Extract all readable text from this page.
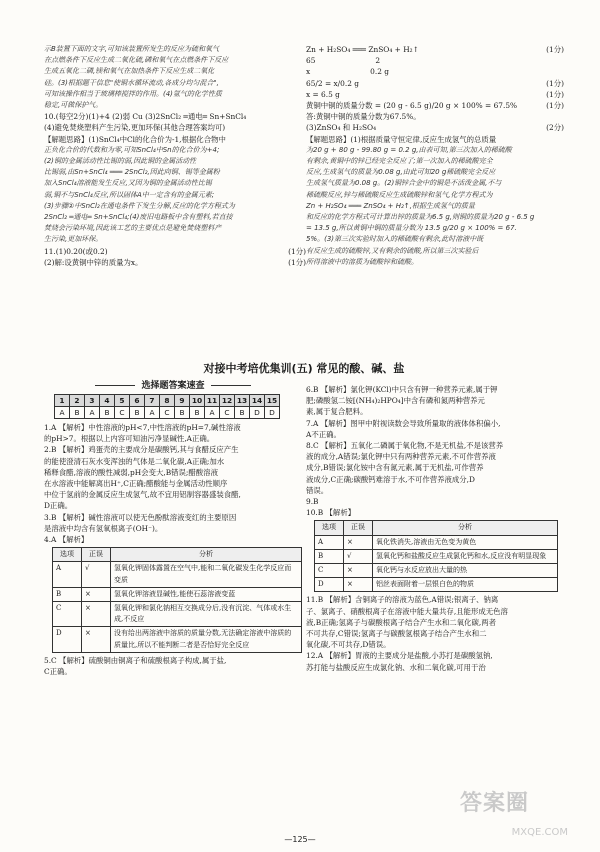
示B装置下面的文字,可知该装置所发生的反应为硫和氧气

在点燃条件下反应生成二氧化硫,磷和氧气在点燃条件下反应

生成五氧化二磷,镁和氧气在加热条件下反应生成二氧化

硅。(3)根据题干信息"使铜水循环流动,各成分均匀混合",

可知该操作相当于玻璃棒搅拌的作用。(4)氩气的化学性质

稳定,可做保护气。

10.(每空2分)(1)+4 (2)弱 Cu (3)2SnCl₂ ═通电═ Sn+SnCl₄

(4)避免焚烧塑料产生污染,更加环保(其他合理答案均可)

【解题思路】(1)SnCl₄中Cl的化合价为-1,根据化合物中

正负化合价的代数和为零,可知SnCl₄中Sn的化合价为+4;

(2)铜的金属活动性比锡的弱,因此铜的金属活动性

比锡弱,由Sn+SnCl₄ ═══ 2SnCl₂,因此向铜、锡等金属粉

加入SnCl₄溶液能发生反应,又因为铜的金属活动性比锡

弱,铜不与SnCl₄反应,所以固体A中一定含有的金属元素;

(3)步骤②中SnCl₂在通电条件下发生分解,反应的化学方程式为

2SnCl₂ ═通电═ Sn+SnCl₄;(4)废旧电路板中含有塑料,若直接

焚烧会污染环境,因此该工艺的主要优点是避免焚烧塑料产

生污染,更加环保。

11.(1)0.20(或0.2)	(1分)
(2)解:设黄铜中锌的质量为x。	(1分)
Zn + H₂SO₄ ═══ ZnSO₄ + H₂↑	(1分)
65	2
x	0.2 g
65/2 = x/0.2 g	(1分)
x = 6.5 g	(1分)
黄铜中铜的质量分数 = (20 g - 6.5 g)/20 g × 100% = 67.5%	(1分)

答:黄铜中铜的质量分数为67.5%。

(3)ZnSO₄ 和 H₂SO₄	(2分)

【解题思路】(1)根据质量守恒定律,反应生成氢气的总质量

为20 g + 80 g - 99.80 g = 0.2 g,由表可知,第三次加入的稀硫酸

有剩余,黄铜中的锌已经完全反应了;第一次加入的稀硫酸完全

反应,生成氢气的质量为0.08 g,由此可知20 g稀硫酸完全反应

生成氢气质量为0.08 g。(2)铜锌合金中的铜是不活泼金属,不与

稀硫酸反应,锌与稀硫酸反应生成硫酸锌和氢气,化学方程式为

Zn + H₂SO₄ ═══ ZnSO₄ + H₂↑,根据生成氢气的质量

和反应的化学方程式可计算出锌的质量为6.5 g,则铜的质量为20 g - 6.5 g

= 13.5 g,所以黄铜中铜的质量分数为 13.5 g/20 g × 100% = 67.

5%。(3)第三次实验时加入的稀硫酸有剩余,此时溶液中既

有反应生成的硫酸锌,又有剩余的硫酸,所以第三次实验后

所得溶液中的溶质为硫酸锌和硫酸。

对接中考培优集训(五) 常见的酸、碱、盐
选择题答案速查
1	2	3	4	5	6	7	8	9	10	11	12	13	14	15
A	B	A	B	C	B	A	C	B	B	A	C	B	D	D

1.A 【解析】中性溶液的pH<7,中性溶液的pH=7,碱性溶液

的pH>7。根据以上内容可知油污净显碱性,A正确。

2.B 【解析】鸡蛋壳的主要成分是碳酸钙,其与食醋反应产生

的能使澄清石灰水变浑浊的气体是二氧化碳,A正确;加水

稀释食醋,溶液的酸性减弱,pH会变大,B错误;醋酸溶液

在水溶液中能解离出H⁺,C正确;醋酸能与金属活动性顺序

中位于氢前的金属反应生成氢气,故不宜用铝制容器盛装食醋,

D正确。

3.B 【解析】碱性溶液可以使无色酚酞溶液变红的主要原因

是溶液中均含有氢氧根离子(OH⁻)。

4.A 【解析】

选项	正误	分析
A	√	氢氧化钾固体露置在空气中,能和二氧化碳发生化学反应而变质
B	×	氢氧化钾溶液显碱性,能使石蕊溶液变蓝
C	×	氢氧化钾和氯化钠相互交换成分后,没有沉淀、气体或水生成,不反应
D	×	没有给出两溶液中溶质的质量分数,无法确定溶液中溶质的质量比,所以不能判断二者是否恰好完全反应

5.C 【解析】硫酸铜由铜离子和硫酸根离子构成,属于盐,

C正确。

6.B 【解析】氯化钾(KCl)中只含有钾一种营养元素,属于钾

肥;磷酸氢二铵[(NH₄)₂HPO₄]中含有磷和氮两种营养元

素,属于复合肥料。

7.A 【解析】图甲中附视读数会导致所量取的液体体积偏小,

A不正确。

8.C 【解析】五氧化二磷属于氧化物,不是无机盐,不是该营养

液的成分,A错误;氯化钾中只有两种营养元素,不可作营养液

成分,B错误;氯化铵中含有氮元素,属于无机盐,可作营养

液成分,C正确;碳酸钙难溶于水,不可作营养液成分,D

错误。

9.B

10.B 【解析】

选项	正误	分析
A	×	氧化铁消失,溶液由无色变为黄色
B	√	氢氧化钙和盐酸反应生成氯化钙和水,反应没有明显现象
C	×	氧化钙与水反应放出大量的热
D	×	铝丝表面附着一层银白色的物质

11.B 【解析】含铜离子的溶液为蓝色,A错误;银离子、钠离

子、氯离子、硝酸根离子在溶液中能大量共存,且能形成无色溶

液,B正确;氢离子与碳酸根离子结合产生水和二氧化碳,两者

不可共存,C错误;氢离子与碳酸氢根离子结合产生水和二

氧化碳,不可共存,D错误。

12.A 【解析】胃液的主要成分是盐酸,小苏打是碳酸氢钠,

苏打能与盐酸反应生成氯化钠、水和二氧化碳,可用于治

—125—
答案圈
MXQE.COM
